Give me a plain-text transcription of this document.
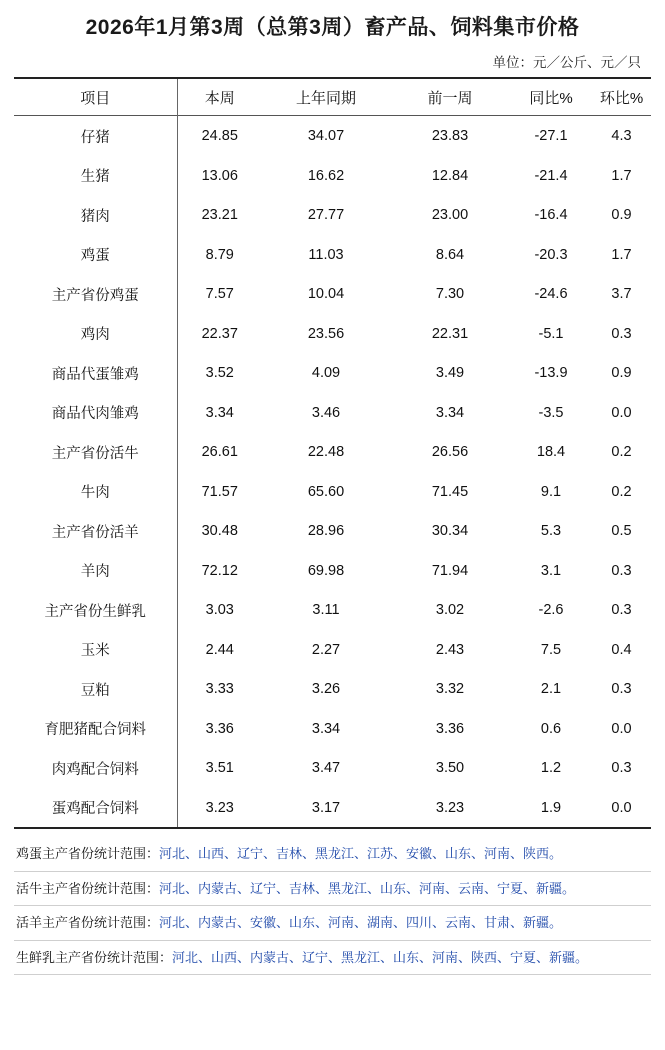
2026年1月第3周（总第3周）畜产品、饲料集市价格
单位：元／公斤、元／只
项目	本周	上年同期	前一周	同比%	环比%
仔猪	24.85	34.07	23.83	-27.1	4.3
生猪	13.06	16.62	12.84	-21.4	1.7
猪肉	23.21	27.77	23.00	-16.4	0.9
鸡蛋	8.79	11.03	8.64	-20.3	1.7
主产省份鸡蛋	7.57	10.04	7.30	-24.6	3.7
鸡肉	22.37	23.56	22.31	-5.1	0.3
商品代蛋雏鸡	3.52	4.09	3.49	-13.9	0.9
商品代肉雏鸡	3.34	3.46	3.34	-3.5	0.0
主产省份活牛	26.61	22.48	26.56	18.4	0.2
牛肉	71.57	65.60	71.45	9.1	0.2
主产省份活羊	30.48	28.96	30.34	5.3	0.5
羊肉	72.12	69.98	71.94	3.1	0.3
主产省份生鲜乳	3.03	3.11	3.02	-2.6	0.3
玉米	2.44	2.27	2.43	7.5	0.4
豆粕	3.33	3.26	3.32	2.1	0.3
育肥猪配合饲料	3.36	3.34	3.36	0.6	0.0
肉鸡配合饲料	3.51	3.47	3.50	1.2	0.3
蛋鸡配合饲料	3.23	3.17	3.23	1.9	0.0
鸡蛋主产省份统计范围： 河北、山西、辽宁、吉林、黑龙江、江苏、安徽、山东、河南、陕西。
活牛主产省份统计范围： 河北、内蒙古、辽宁、吉林、黑龙江、山东、河南、云南、宁夏、新疆。
活羊主产省份统计范围： 河北、内蒙古、安徽、山东、河南、湖南、四川、云南、甘肃、新疆。
生鲜乳主产省份统计范围： 河北、山西、内蒙古、辽宁、黑龙江、山东、河南、陕西、宁夏、新疆。
